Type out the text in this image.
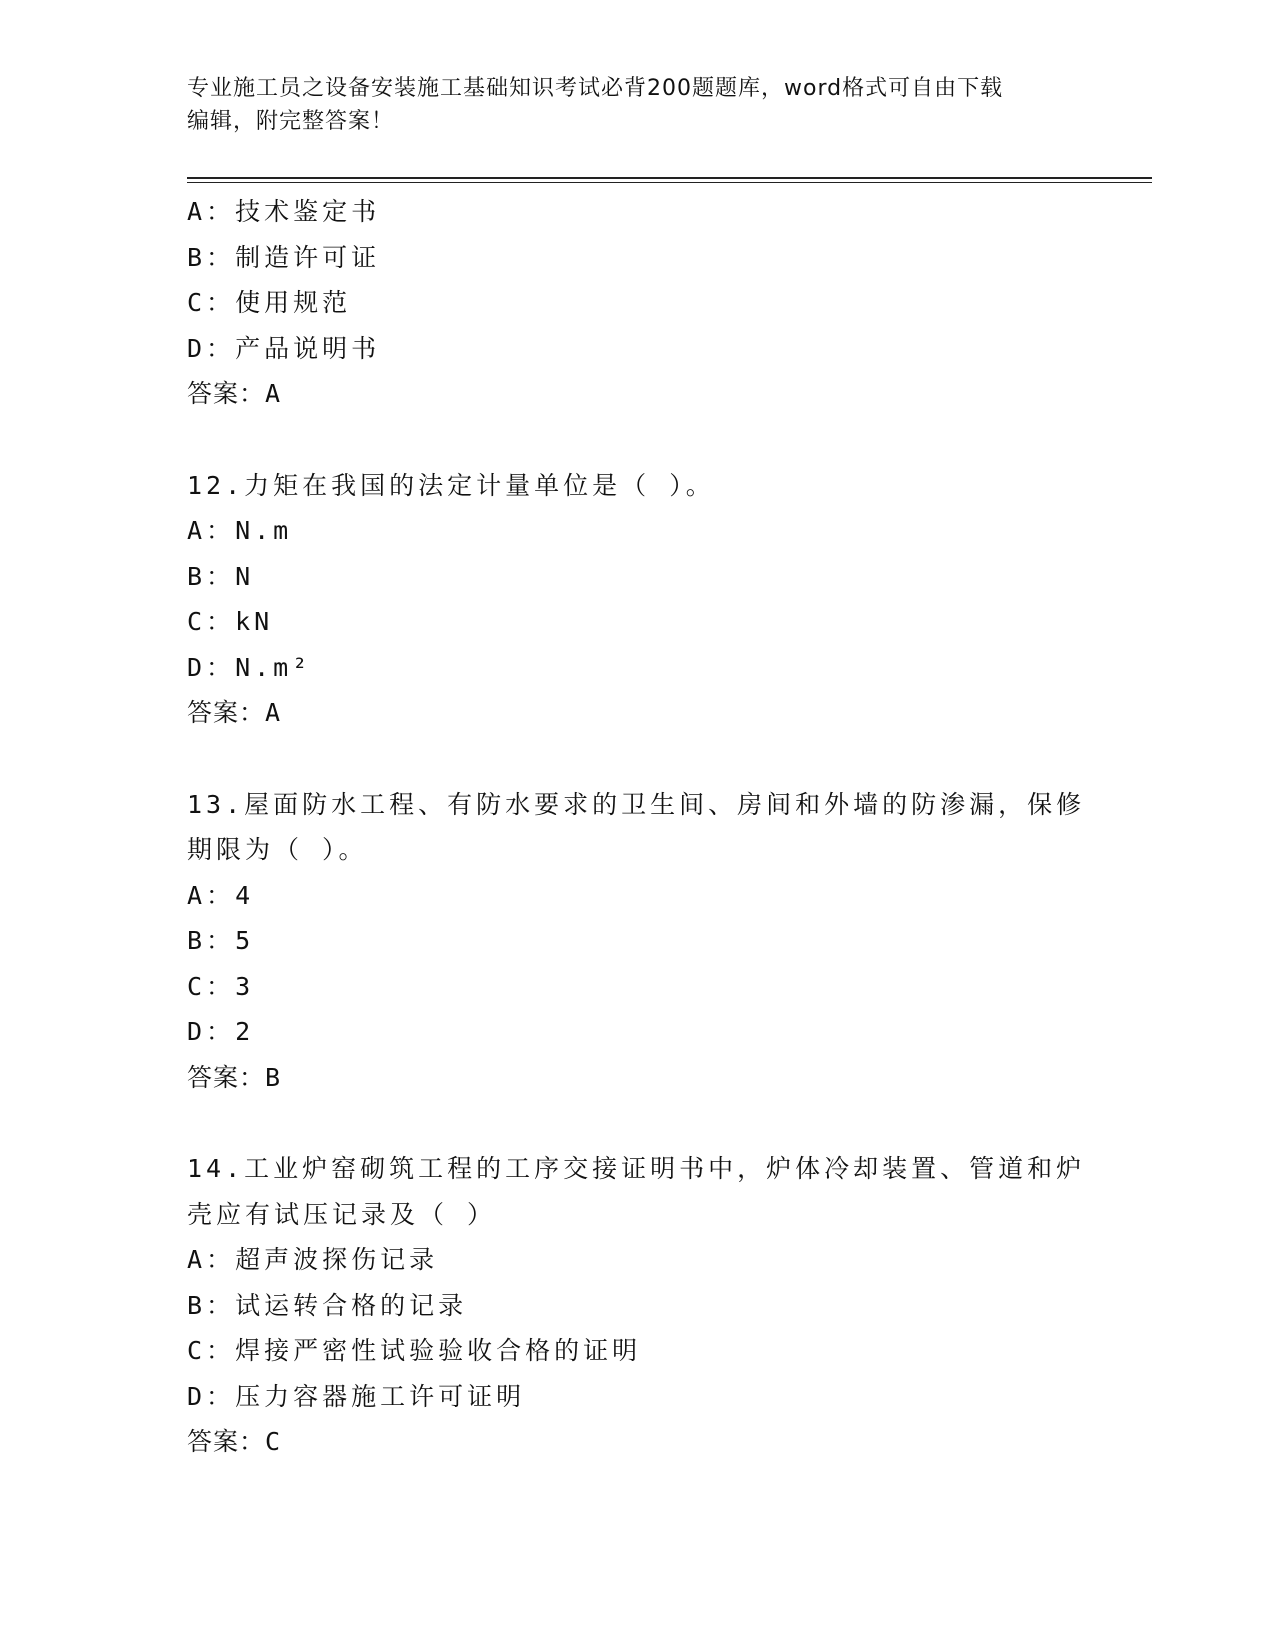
专业施工员之设备安装施工基础知识考试必背200题题库，word格式可自由下载
编辑，附完整答案！
A：技术鉴定书
B：制造许可证
C：使用规范
D：产品说明书
答案：A
12.力矩在我国的法定计量单位是（ ）。
A：N.m
B：N
C：kN
D：N.m²
答案：A
13.屋面防水工程、有防水要求的卫生间、房间和外墙的防渗漏，保修
期限为（ ）。
A：4
B：5
C：3
D：2
答案：B
14.工业炉窑砌筑工程的工序交接证明书中，炉体冷却装置、管道和炉
壳应有试压记录及（ ）
A：超声波探伤记录
B：试运转合格的记录
C：焊接严密性试验验收合格的证明
D：压力容器施工许可证明
答案：C
